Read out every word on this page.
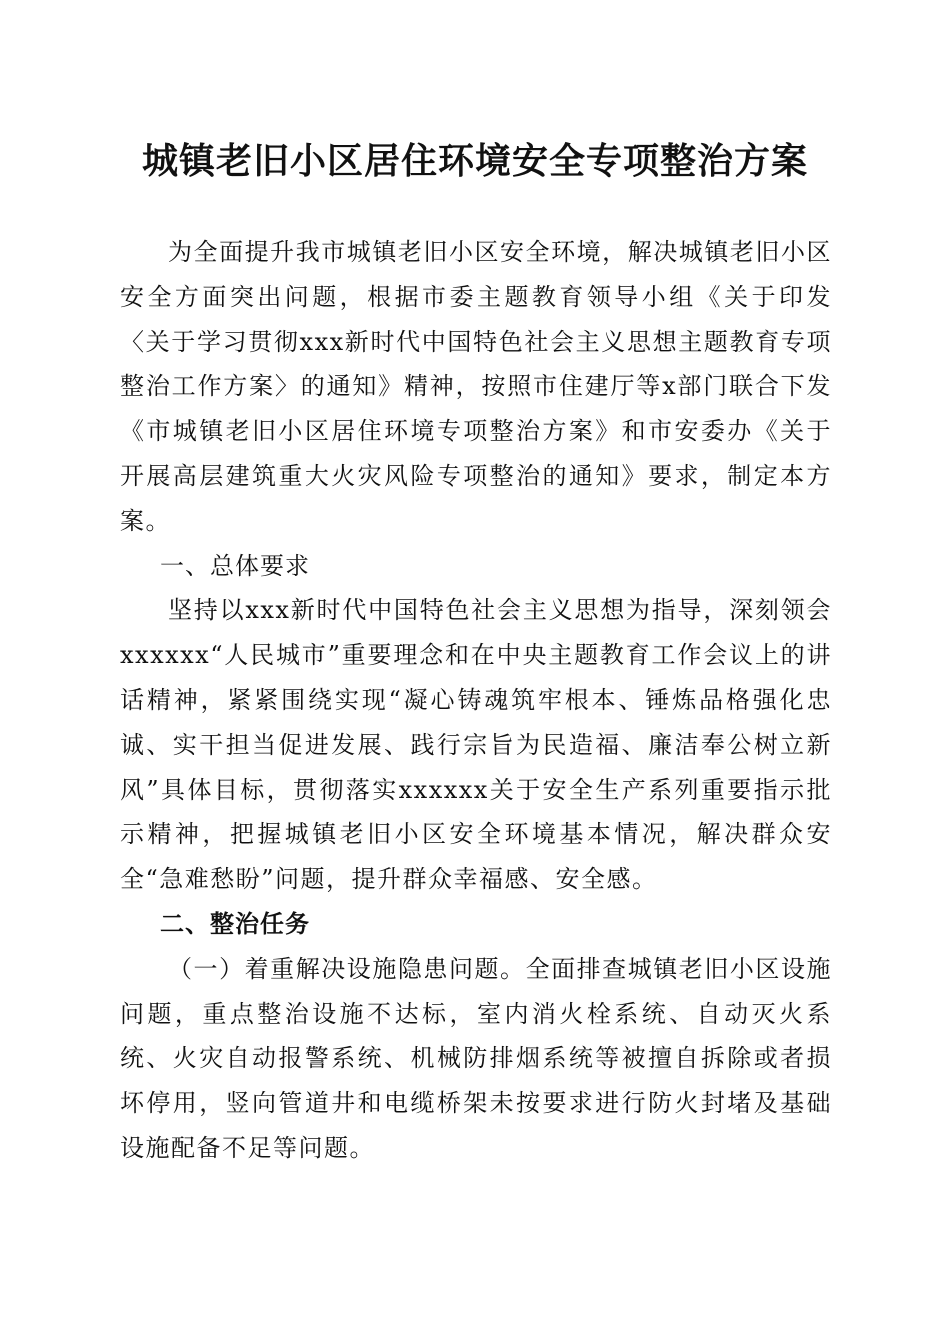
城镇老旧小区居住环境安全专项整治方案

为全面提升我市城镇老旧小区安全环境，解决城镇老旧小区安全方面突出问题，根据市委主题教育领导小组《关于印发〈关于学习贯彻xxx新时代中国特色社会主义思想主题教育专项整治工作方案〉的通知》精神，按照市住建厅等x部门联合下发《市城镇老旧小区居住环境专项整治方案》和市安委办《关于开展高层建筑重大火灾风险专项整治的通知》要求，制定本方案。

一、总体要求

坚持以xxx新时代中国特色社会主义思想为指导，深刻领会xxxxxx“人民城市”重要理念和在中央主题教育工作会议上的讲话精神，紧紧围绕实现“凝心铸魂筑牢根本、锤炼品格强化忠诚、实干担当促进发展、践行宗旨为民造福、廉洁奉公树立新风”具体目标，贯彻落实xxxxxx关于安全生产系列重要指示批示精神，把握城镇老旧小区安全环境基本情况，解决群众安全“急难愁盼”问题，提升群众幸福感、安全感。

二、整治任务

（一）着重解决设施隐患问题。全面排查城镇老旧小区设施问题，重点整治设施不达标，室内消火栓系统、自动灭火系统、火灾自动报警系统、机械防排烟系统等被擅自拆除或者损坏停用，竖向管道井和电缆桥架未按要求进行防火封堵及基础设施配备不足等问题。
